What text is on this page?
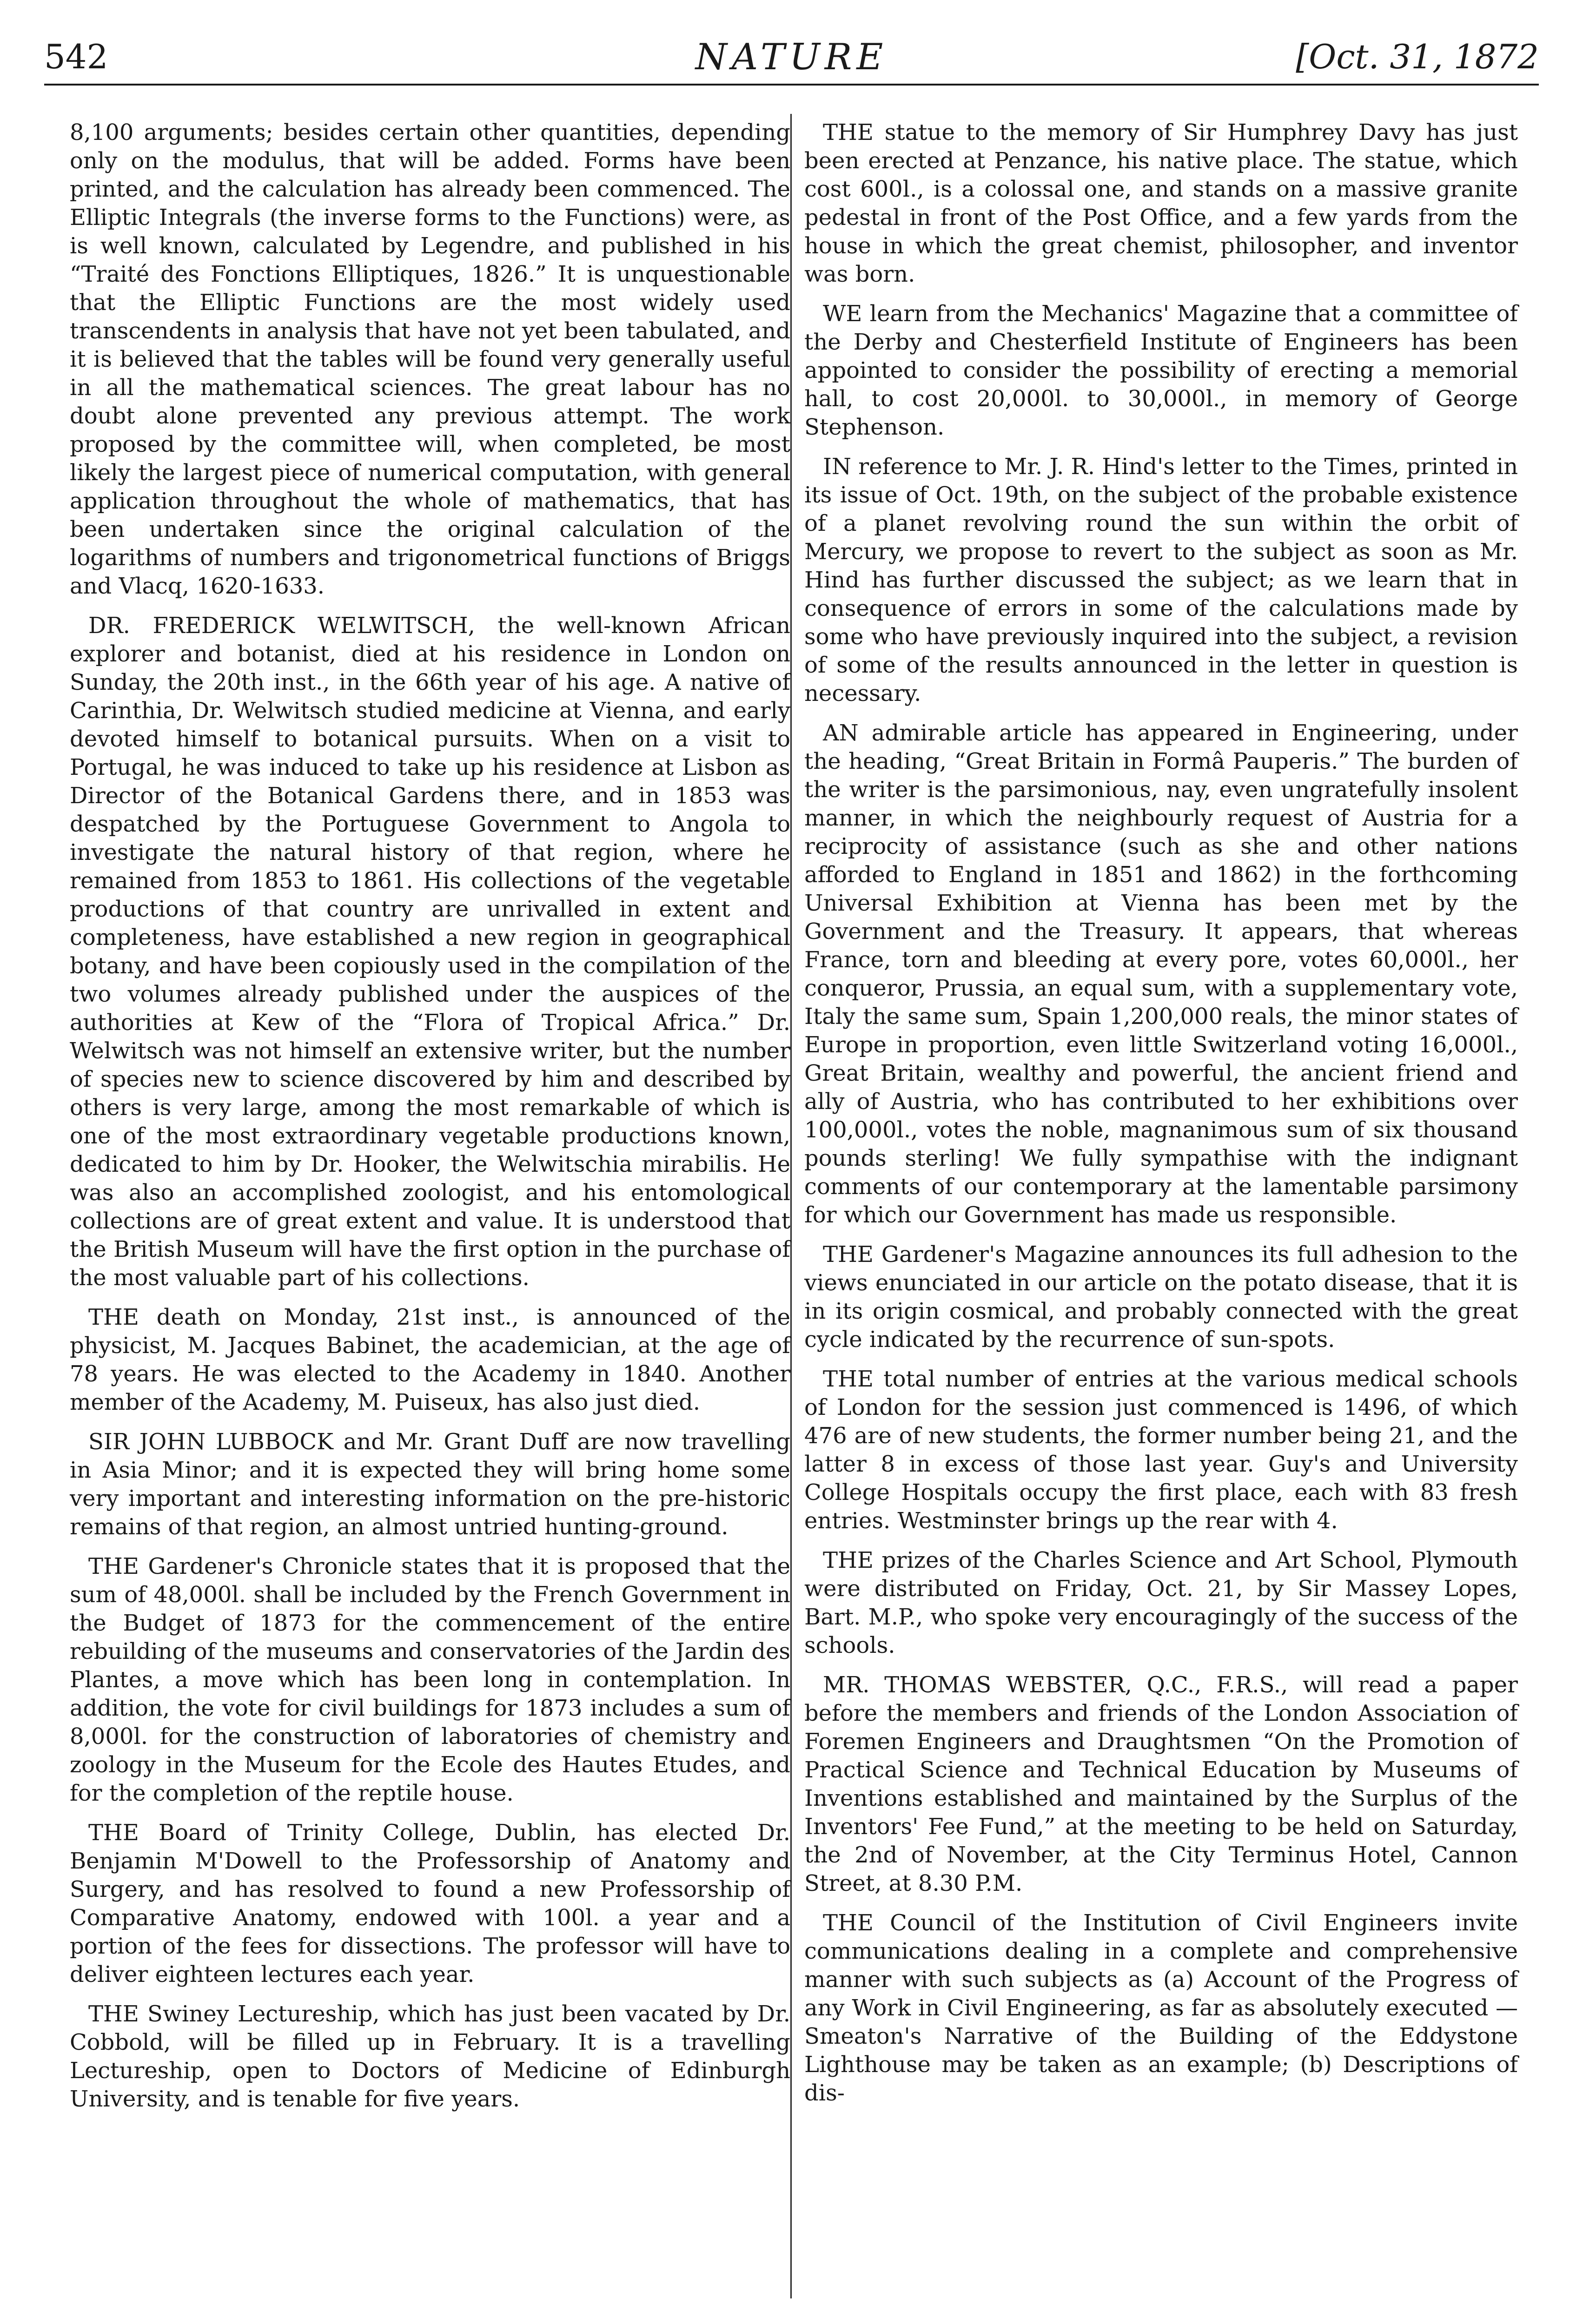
542	NATURE	[Oct. 31, 1872

8,100 arguments; besides certain other quantities, depending only on the modulus, that will be added. Forms have been printed, and the calculation has already been commenced. The Elliptic Integrals (the inverse forms to the Functions) were, as is well known, calculated by Legendre, and published in his “Traité des Fonctions Elliptiques, 1826.” It is unquestionable that the Elliptic Functions are the most widely used transcendents in analysis that have not yet been tabulated, and it is believed that the tables will be found very generally useful in all the mathematical sciences. The great labour has no doubt alone prevented any previous attempt. The work proposed by the committee will, when completed, be most likely the largest piece of numerical computation, with general application throughout the whole of mathematics, that has been undertaken since the original calculation of the logarithms of numbers and trigonometrical functions of Briggs and Vlacq, 1620-1633.

DR. FREDERICK WELWITSCH, the well-known African explorer and botanist, died at his residence in London on Sunday, the 20th inst., in the 66th year of his age. A native of Carinthia, Dr. Welwitsch studied medicine at Vienna, and early devoted himself to botanical pursuits. When on a visit to Portugal, he was induced to take up his residence at Lisbon as Director of the Botanical Gardens there, and in 1853 was despatched by the Portuguese Government to Angola to investigate the natural history of that region, where he remained from 1853 to 1861. His collections of the vegetable productions of that country are unrivalled in extent and completeness, have established a new region in geographical botany, and have been copiously used in the compilation of the two volumes already published under the auspices of the authorities at Kew of the “Flora of Tropical Africa.” Dr. Welwitsch was not himself an extensive writer, but the number of species new to science discovered by him and described by others is very large, among the most remarkable of which is one of the most extraordinary vegetable productions known, dedicated to him by Dr. Hooker, the Welwitschia mirabilis. He was also an accomplished zoologist, and his entomological collections are of great extent and value. It is understood that the British Museum will have the first option in the purchase of the most valuable part of his collections.

THE death on Monday, 21st inst., is announced of the physicist, M. Jacques Babinet, the academician, at the age of 78 years. He was elected to the Academy in 1840. Another member of the Academy, M. Puiseux, has also just died.

SIR JOHN LUBBOCK and Mr. Grant Duff are now travelling in Asia Minor; and it is expected they will bring home some very important and interesting information on the pre-historic remains of that region, an almost untried hunting-ground.

THE Gardener's Chronicle states that it is proposed that the sum of 48,000l. shall be included by the French Government in the Budget of 1873 for the commencement of the entire rebuilding of the museums and conservatories of the Jardin des Plantes, a move which has been long in contemplation. In addition, the vote for civil buildings for 1873 includes a sum of 8,000l. for the construction of laboratories of chemistry and zoology in the Museum for the Ecole des Hautes Etudes, and for the completion of the reptile house.

THE Board of Trinity College, Dublin, has elected Dr. Benjamin M'Dowell to the Professorship of Anatomy and Surgery, and has resolved to found a new Professorship of Comparative Anatomy, endowed with 100l. a year and a portion of the fees for dissections. The professor will have to deliver eighteen lectures each year.

THE Swiney Lectureship, which has just been vacated by Dr. Cobbold, will be filled up in February. It is a travelling Lectureship, open to Doctors of Medicine of Edinburgh University, and is tenable for five years.

THE statue to the memory of Sir Humphrey Davy has just been erected at Penzance, his native place. The statue, which cost 600l., is a colossal one, and stands on a massive granite pedestal in front of the Post Office, and a few yards from the house in which the great chemist, philosopher, and inventor was born.

WE learn from the Mechanics' Magazine that a committee of the Derby and Chesterfield Institute of Engineers has been appointed to consider the possibility of erecting a memorial hall, to cost 20,000l. to 30,000l., in memory of George Stephenson.

IN reference to Mr. J. R. Hind's letter to the Times, printed in its issue of Oct. 19th, on the subject of the probable existence of a planet revolving round the sun within the orbit of Mercury, we propose to revert to the subject as soon as Mr. Hind has further discussed the subject; as we learn that in consequence of errors in some of the calculations made by some who have previously inquired into the subject, a revision of some of the results announced in the letter in question is necessary.

AN admirable article has appeared in Engineering, under the heading, “Great Britain in Formâ Pauperis.” The burden of the writer is the parsimonious, nay, even ungratefully insolent manner, in which the neighbourly request of Austria for a reciprocity of assistance (such as she and other nations afforded to England in 1851 and 1862) in the forthcoming Universal Exhibition at Vienna has been met by the Government and the Treasury. It appears, that whereas France, torn and bleeding at every pore, votes 60,000l., her conqueror, Prussia, an equal sum, with a supplementary vote, Italy the same sum, Spain 1,200,000 reals, the minor states of Europe in proportion, even little Switzerland voting 16,000l., Great Britain, wealthy and powerful, the ancient friend and ally of Austria, who has contributed to her exhibitions over 100,000l., votes the noble, magnanimous sum of six thousand pounds sterling! We fully sympathise with the indignant comments of our contemporary at the lamentable parsimony for which our Government has made us responsible.

THE Gardener's Magazine announces its full adhesion to the views enunciated in our article on the potato disease, that it is in its origin cosmical, and probably connected with the great cycle indicated by the recurrence of sun-spots.

THE total number of entries at the various medical schools of London for the session just commenced is 1496, of which 476 are of new students, the former number being 21, and the latter 8 in excess of those last year. Guy's and University College Hospitals occupy the first place, each with 83 fresh entries. Westminster brings up the rear with 4.

THE prizes of the Charles Science and Art School, Plymouth were distributed on Friday, Oct. 21, by Sir Massey Lopes, Bart. M.P., who spoke very encouragingly of the success of the schools.

MR. THOMAS WEBSTER, Q.C., F.R.S., will read a paper before the members and friends of the London Association of Foremen Engineers and Draughtsmen “On the Promotion of Practical Science and Technical Education by Museums of Inventions established and maintained by the Surplus of the Inventors' Fee Fund,” at the meeting to be held on Saturday, the 2nd of November, at the City Terminus Hotel, Cannon Street, at 8.30 P.M.

THE Council of the Institution of Civil Engineers invite communications dealing in a complete and comprehensive manner with such subjects as (a) Account of the Progress of any Work in Civil Engineering, as far as absolutely executed —Smeaton's Narrative of the Building of the Eddystone Lighthouse may be taken as an example; (b) Descriptions of dis-
